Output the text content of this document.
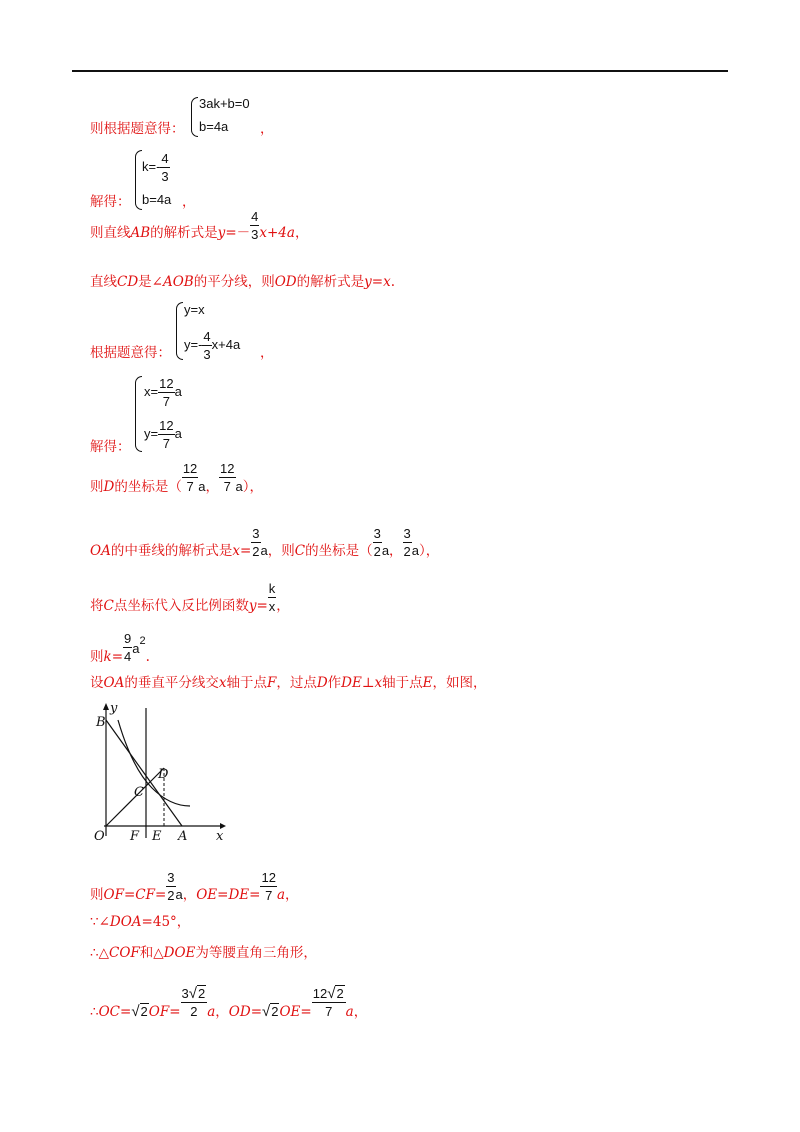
3ak+b=0
b=4a
则根据题意得：	，
$k=- \frac{4}{3}$
b=4a
解得：	，
则直线AB的解析式是$y=- \frac{4}{3} x+4a$，
直线CD是∠AOB的平分线，则OD的解析式是y=x.
y=x
$y=- \frac{4}{3} x+4a$
根据题意得：	，
$x= \frac{12}{7}$ a
$y= \frac{12}{7}$ a
解得：
则D的坐标是（ $\frac{12}{7}$ a， $\frac{12}{7} a$），
OA的中垂线的解析式是$x= \frac{3}{2}$ a，则C的坐标是（ $\frac{3}{2}$ a， $\frac{3}{2} a$），
将C点坐标代入反比例函数$y= \frac{k}{x}$ ，
则$k= \frac{9}{4} a^2$.
设OA的垂直平分线交x轴于点F，过点D作DE⊥x轴于点E，如图，
y
x
B
D
C
O F E A
则$OF=CF= \frac{3}{2}$ a，$OE=DE= \frac{12}{7}$ a，
∵∠DOA=45°，
∴△COF和△DOE为等腰直角三角形，
∴OC=√2OF= $\frac{3√2}{2}$ a，$OD=√2OE= \frac{12√2}{7}$ a，
